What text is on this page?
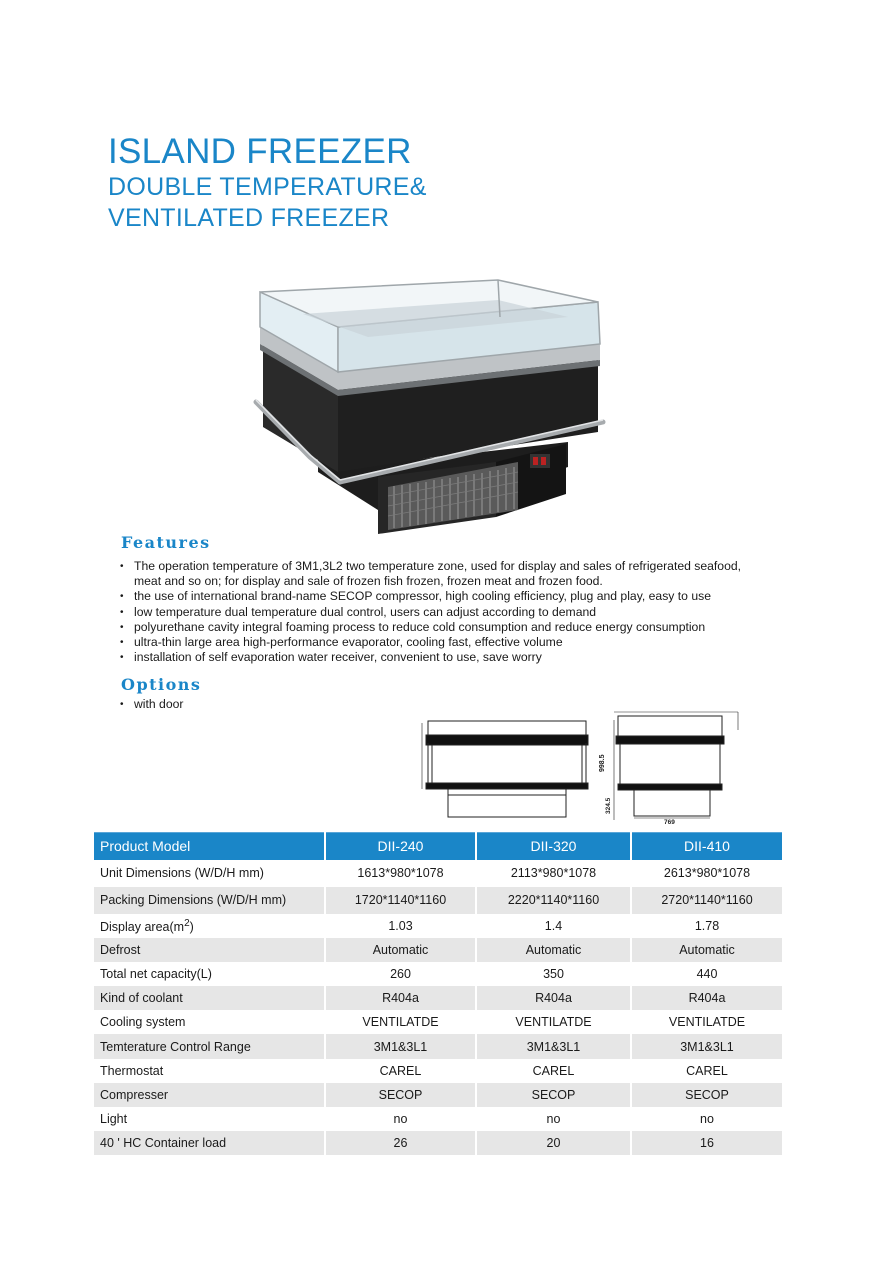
ISLAND FREEZER
DOUBLE TEMPERATURE&
VENTILATED FREEZER
Features
• The operation temperature of 3M1,3L2 two temperature zone, used for display and sales of refrigerated seafood, meat and so on; for display and sale of frozen fish frozen, frozen meat and frozen food.
• the use of international brand-name SECOP compressor, high cooling efficiency, plug and play, easy to use
• low temperature dual temperature dual control, users can adjust according to demand
• polyurethane cavity integral foaming process to reduce cold consumption and reduce energy consumption
• ultra-thin large area high-performance evaporator, cooling fast, effective volume
• installation of self evaporation water receiver, convenient to use, save worry
Options
• with door
998.5
324.5
769
Product Model	DII-240	DII-320	DII-410
Unit Dimensions (W/D/H mm)	1613*980*1078	2113*980*1078	2613*980*1078
Packing Dimensions (W/D/H mm)	1720*1140*1160	2220*1140*1160	2720*1140*1160
Display $area(m^2)$	1.03	1.4	1.78
Defrost	Automatic	Automatic	Automatic
Total net capacity(L)	260	350	440
Kind of coolant	R404a	R404a	R404a
Cooling system	VENTILATDE	VENTILATDE	VENTILATDE
Temterature Control Range	3M1&3L1	3M1&3L1	3M1&3L1
Thermostat	CAREL	CAREL	CAREL
Compresser	SECOP	SECOP	SECOP
Light	no	no	no
40 ' HC Container load	26	20	16
